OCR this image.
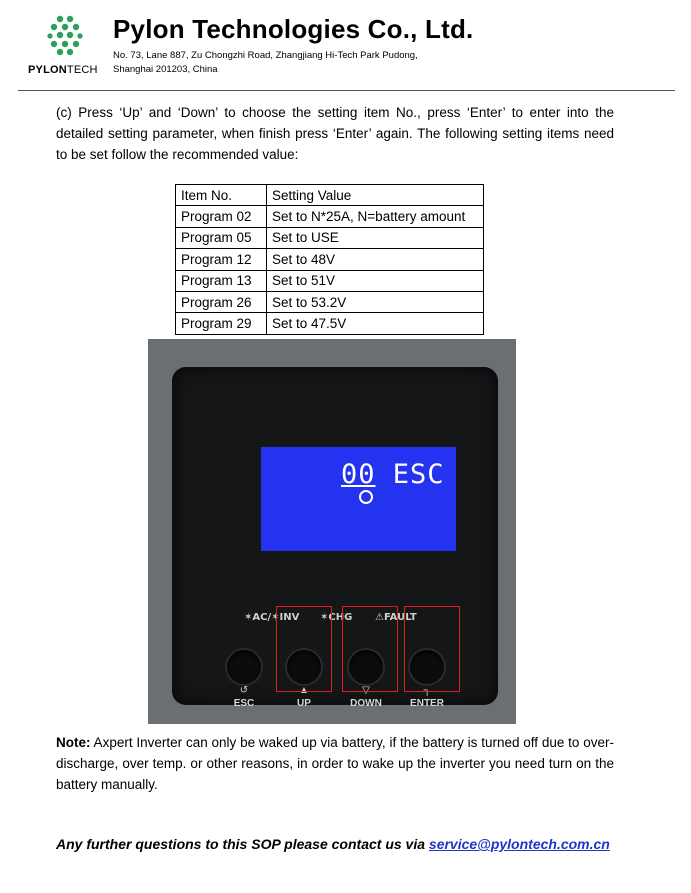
PYLONTECH
Pylon Technologies Co., Ltd.
No. 73, Lane 887, Zu Chongzhi Road, Zhangjiang Hi-Tech Park Pudong,
Shanghai 201203, China
(c) Press ‘Up’ and ‘Down’ to choose the setting item No., press ‘Enter’ to enter into the detailed setting parameter, when finish press ‘Enter’ again. The following setting items need to be set follow the recommended value:
Item No.	Setting Value
Program 02	Set to N*25A, N=battery amount
Program 05	Set to USE
Program 12	Set to 48V
Program 13	Set to 51V
Program 26	Set to 53.2V
Program 29	Set to 47.5V
00 ESC
✶AC/✶INV ✶CHG ⚠FAULT
↺	▲	▽	┐
ESC	UP	DOWN	ENTER
Note: Axpert Inverter can only be waked up via battery, if the battery is turned off due to over-discharge, over temp. or other reasons, in order to wake up the inverter you need turn on the battery manually.
Any further questions to this SOP please contact us via service@pylontech.com.cn
